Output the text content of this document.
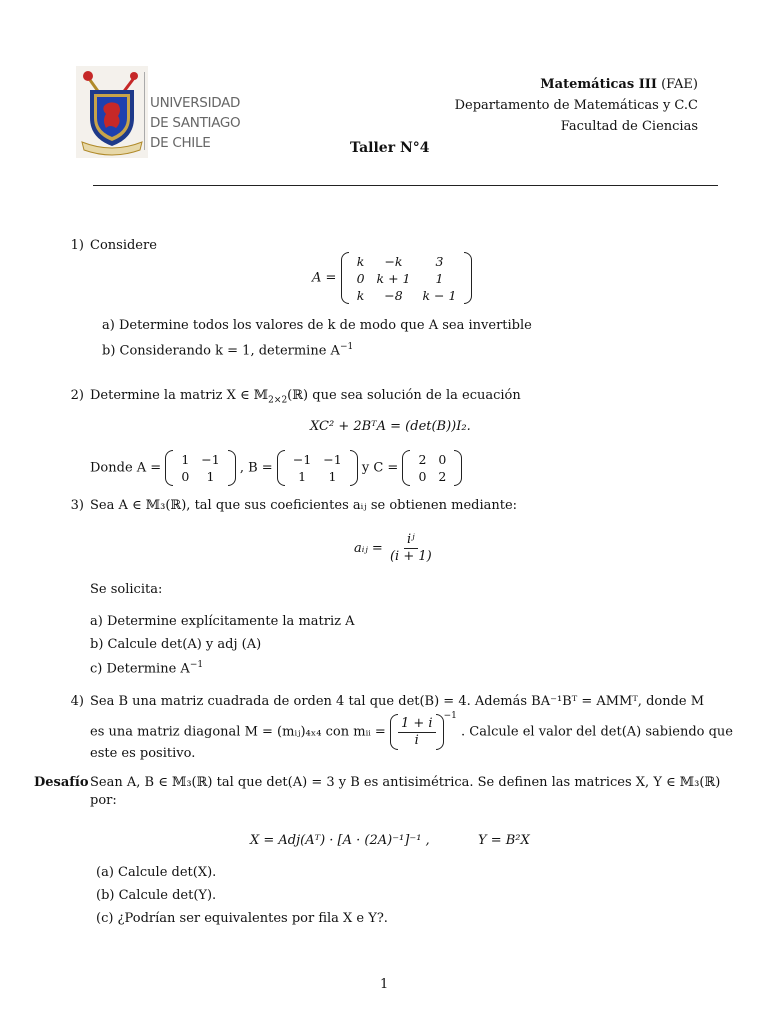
UNIVERSIDAD
DE SANTIAGO
DE CHILE
Matemáticas III (FAE)
Departamento de Matemáticas y C.C
Facultad de Ciencias
Taller N°4
1) Considere
A =
k	−k	3
0	k + 1	1
k	−8	k − 1
a) Determine todos los valores de k de modo que A sea invertible
b) Considerando k = 1, determine $A^{-1}$
2) Determine la matriz X ∈ 𝕄$_{2\times 2}$(ℝ) que sea solución de la ecuación
XC² + 2BᵀA = (det(B))I₂.
Donde A =
1	−1
0	1
, B =
−1	−1
1	1
y C =
2	0
0	2
3) Sea A ∈ 𝕄₃(ℝ), tal que sus coeficientes aᵢⱼ se obtienen mediante:
aᵢⱼ = $\frac{\text{iʲ}}{(i + 1)}$
Se solicita:
a) Determine explícitamente la matriz A
b) Calcule det(A) y adj (A)
c) Determine $A^{-1}$
4) Sea B una matriz cuadrada de orden 4 tal que det(B) = 4. Además BA⁻¹Bᵀ = AMMᵀ, donde M
es una matriz diagonal M = (mᵢⱼ)₄ₓ₄ con mᵢᵢ = $\frac{1 + i}{i} ^{-1}$ . Calcule el valor del det(A) sabiendo que
este es positivo.
Desafío Sean A, B ∈ 𝕄₃(ℝ) tal que det(A) = 3 y B es antisimétrica. Se definen las matrices X, Y ∈ 𝕄₃(ℝ)
por:
X = Adj(Aᵀ) · [A · (2A)⁻¹]⁻¹ ,	Y = B²X
(a) Calcule det(X).
(b) Calcule det(Y).
(c) ¿Podrían ser equivalentes por fila X e Y?.
1
